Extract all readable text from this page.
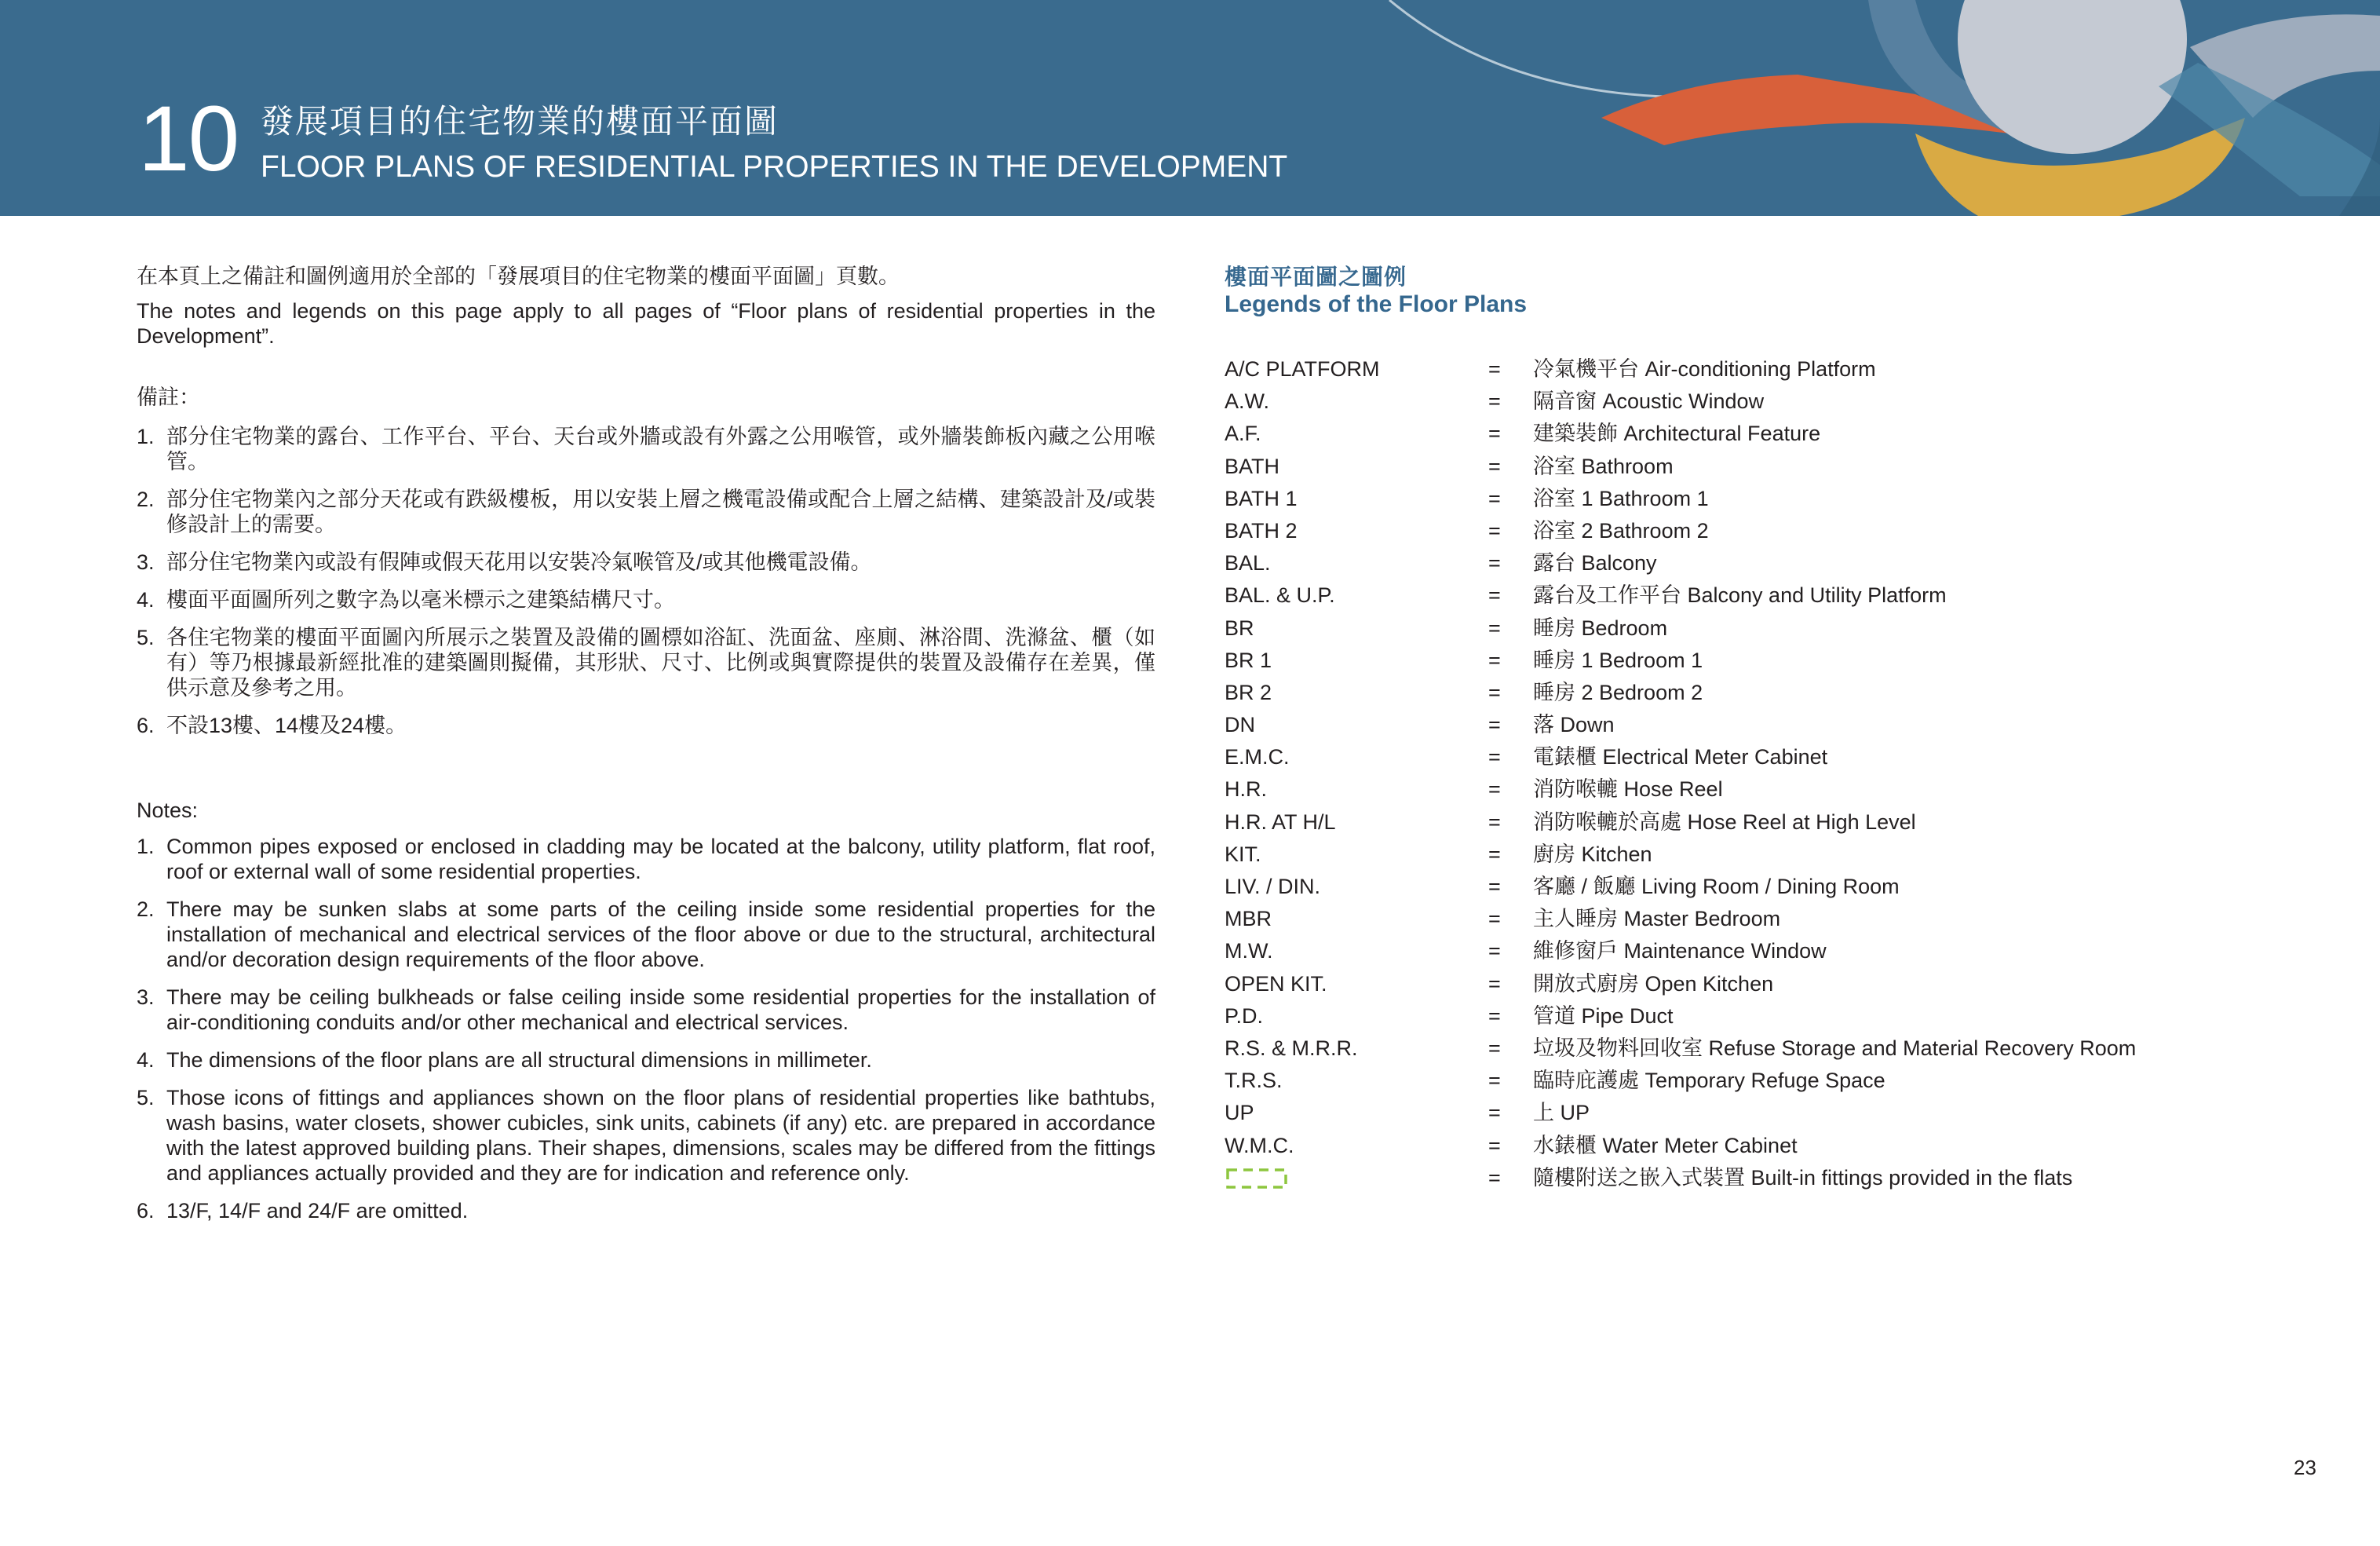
10 發展項目的住宅物業的樓面平面圖
FLOOR PLANS OF RESIDENTIAL PROPERTIES IN THE DEVELOPMENT

在本頁上之備註和圖例適用於全部的「發展項目的住宅物業的樓面平面圖」頁數。

The notes and legends on this page apply to all pages of “Floor plans of residential properties in the Development”.

備註：
1. 部分住宅物業的露台、工作平台、平台、天台或外牆或設有外露之公用喉管，或外牆裝飾板內藏之公用喉管。
2. 部分住宅物業內之部分天花或有跌級樓板，用以安裝上層之機電設備或配合上層之結構、建築設計及/或裝修設計上的需要。
3. 部分住宅物業內或設有假陣或假天花用以安裝冷氣喉管及/或其他機電設備。
4. 樓面平面圖所列之數字為以毫米標示之建築結構尺寸。
5. 各住宅物業的樓面平面圖內所展示之裝置及設備的圖標如浴缸、洗面盆、座廁、淋浴間、洗滌盆、櫃（如有）等乃根據最新經批准的建築圖則擬備，其形狀、尺寸、比例或與實際提供的裝置及設備存在差異，僅供示意及參考之用。
6. 不設13樓、14樓及24樓。
Notes:
1. Common pipes exposed or enclosed in cladding may be located at the balcony, utility platform, flat roof, roof or external wall of some residential properties.
2. There may be sunken slabs at some parts of the ceiling inside some residential properties for the installation of mechanical and electrical services of the floor above or due to the structural, architectural and/or decoration design requirements of the floor above.
3. There may be ceiling bulkheads or false ceiling inside some residential properties for the installation of air-conditioning conduits and/or other mechanical and electrical services.
4. The dimensions of the floor plans are all structural dimensions in millimeter.
5. Those icons of fittings and appliances shown on the floor plans of residential properties like bathtubs, wash basins, water closets, shower cubicles, sink units, cabinets (if any) etc. are prepared in accordance with the latest approved building plans. Their shapes, dimensions, scales may be differed from the fittings and appliances actually provided and they are for indication and reference only.
6. 13/F, 14/F and 24/F are omitted.
樓面平面圖之圖例
Legends of the Floor Plans
A/C PLATFORM	= 冷氣機平台 Air-conditioning Platform
A.W.	= 隔音窗 Acoustic Window
A.F.	= 建築裝飾 Architectural Feature
BATH	= 浴室 Bathroom
BATH 1	= 浴室 1 Bathroom 1
BATH 2	= 浴室 2 Bathroom 2
BAL.	= 露台 Balcony
BAL. & U.P.	= 露台及工作平台 Balcony and Utility Platform
BR	= 睡房 Bedroom
BR 1	= 睡房 1 Bedroom 1
BR 2	= 睡房 2 Bedroom 2
DN	= 落 Down
E.M.C.	= 電錶櫃 Electrical Meter Cabinet
H.R.	= 消防喉轆 Hose Reel
H.R. AT H/L	= 消防喉轆於高處 Hose Reel at High Level
KIT.	= 廚房 Kitchen
LIV. / DIN.	= 客廳 / 飯廳 Living Room / Dining Room
MBR	= 主人睡房 Master Bedroom
M.W.	= 維修窗戶 Maintenance Window
OPEN KIT.	= 開放式廚房 Open Kitchen
P.D.	= 管道 Pipe Duct
R.S. & M.R.R.	= 垃圾及物料回收室 Refuse Storage and Material Recovery Room
T.R.S.	= 臨時庇護處 Temporary Refuge Space
UP	= 上 UP
W.M.C.	= 水錶櫃 Water Meter Cabinet
= 隨樓附送之嵌入式裝置 Built-in fittings provided in the flats
23
